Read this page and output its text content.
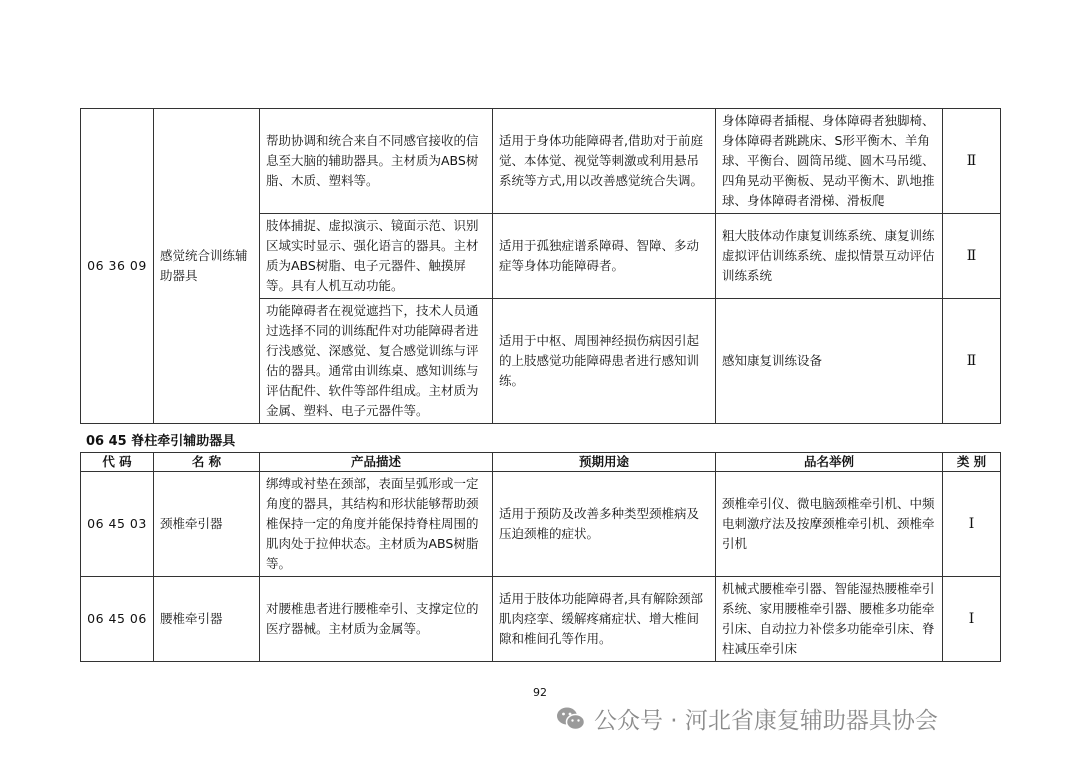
06 36 09	感觉统合训练辅助器具	帮助协调和统合来自不同感官接收的信息至大脑的辅助器具。主材质为ABS树脂、木质、塑料等。	适用于身体功能障碍者,借助对于前庭觉、本体觉、视觉等刺激或利用悬吊系统等方式,用以改善感觉统合失调。	身体障碍者插棍、身体障碍者独脚椅、身体障碍者跳跳床、S形平衡木、羊角球、平衡台、圆筒吊缆、圆木马吊缆、四角晃动平衡板、晃动平衡木、趴地推球、身体障碍者滑梯、滑板爬	Ⅱ
		肢体捕捉、虚拟演示、镜面示范、识别区域实时显示、强化语言的器具。主材质为ABS树脂、电子元器件、触摸屏等。具有人机互动功能。	适用于孤独症谱系障碍、智障、多动症等身体功能障碍者。	粗大肢体动作康复训练系统、康复训练虚拟评估训练系统、虚拟情景互动评估训练系统	Ⅱ
		功能障碍者在视觉遮挡下，技术人员通过选择不同的训练配件对功能障碍者进行浅感觉、深感觉、复合感觉训练与评估的器具。通常由训练桌、感知训练与评估配件、软件等部件组成。主材质为金属、塑料、电子元器件等。	适用于中枢、周围神经损伤病因引起的上肢感觉功能障碍患者进行感知训练。	感知康复训练设备	Ⅱ
06 45 脊柱牵引辅助器具
代 码	名 称	产品描述	预期用途	品名举例	类 别
06 45 03	颈椎牵引器	绑缚或衬垫在颈部，表面呈弧形或一定角度的器具，其结构和形状能够帮助颈椎保持一定的角度并能保持脊柱周围的肌肉处于拉伸状态。主材质为ABS树脂等。	适用于预防及改善多种类型颈椎病及压迫颈椎的症状。	颈椎牵引仪、微电脑颈椎牵引机、中频电刺激疗法及按摩颈椎牵引机、颈椎牵引机	Ⅰ
06 45 06	腰椎牵引器	对腰椎患者进行腰椎牵引、支撑定位的医疗器械。主材质为金属等。	适用于肢体功能障碍者,具有解除颈部肌肉痉挛、缓解疼痛症状、增大椎间隙和椎间孔等作用。	机械式腰椎牵引器、智能湿热腰椎牵引系统、家用腰椎牵引器、腰椎多功能牵引床、自动拉力补偿多功能牵引床、脊柱减压牵引床	Ⅰ
92
公众号 · 河北省康复辅助器具协会
